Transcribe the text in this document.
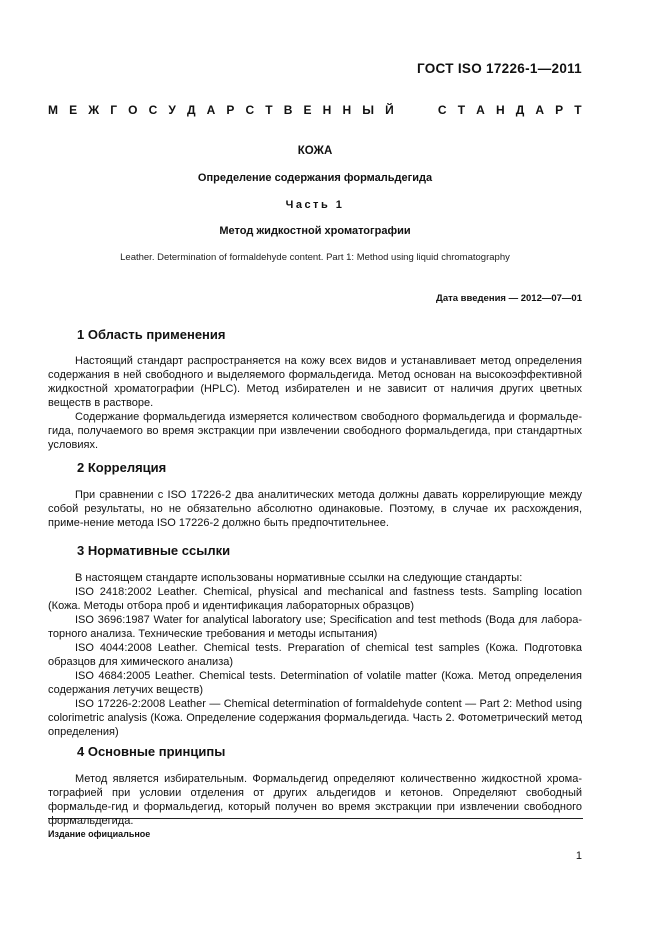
ГОСТ ISO 17226-1—2011
М Е Ж Г О С У Д А Р С Т В Е Н Н Ы Й	С Т А Н Д А Р Т
КОЖА
Определение содержания формальдегида
Часть 1
Метод жидкостной хроматографии
Leather. Determination of formaldehyde content. Part 1: Method using liquid chromatography
Дата введения — 2012—07—01
1 Область применения

Настоящий стандарт распространяется на кожу всех видов и устанавливает метод определения содержания в ней свободного и выделяемого формальдегида. Метод основан на высокоэффективной жидкостной хроматографии (HPLC). Метод избирателен и не зависит от наличия других цветных веществ в растворе.

Содержание формальдегида измеряется количеством свободного формальдегида и формальде-гида, получаемого во время экстракции при извлечении свободного формальдегида, при стандартных условиях.

2 Корреляция

При сравнении с ISO 17226-2 два аналитических метода должны давать коррелирующие между собой результаты, но не обязательно абсолютно одинаковые. Поэтому, в случае их расхождения, приме-нение метода ISO 17226-2 должно быть предпочтительнее.

3 Нормативные ссылки

В настоящем стандарте использованы нормативные ссылки на следующие стандарты:

ISO 2418:2002 Leather. Chemical, physical and mechanical and fastness tests. Sampling location (Кожа. Методы отбора проб и идентификация лабораторных образцов)

ISO 3696:1987 Water for analytical laboratory use; Specification and test methods (Вода для лабора-торного анализа. Технические требования и методы испытания)

ISO 4044:2008 Leather. Chemical tests. Preparation of chemical test samples (Кожа. Подготовка образцов для химического анализа)

ISO 4684:2005 Leather. Chemical tests. Determination of volatile matter (Кожа. Метод определения содержания летучих веществ)

ISO 17226-2:2008 Leather — Chemical determination of formaldehyde content — Part 2: Method using colorimetric analysis (Кожа. Определение содержания формальдегида. Часть 2. Фотометрический метод определения)

4 Основные принципы

Метод является избирательным. Формальдегид определяют количественно жидкостной хрома-тографией при условии отделения от других альдегидов и кетонов. Определяют свободный формальде-гид и формальдегид, который получен во время экстракции при извлечении свободного формальдегида.

Издание официальное
1
